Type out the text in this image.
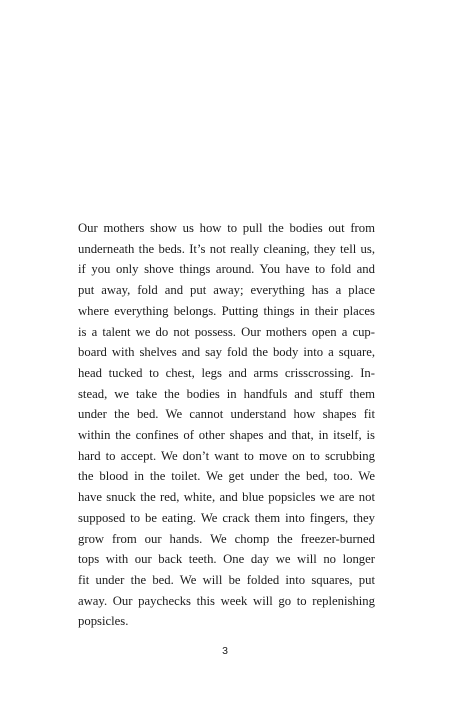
Our mothers show us how to pull the bodies out from
underneath the beds. It’s not really cleaning, they tell us,
if you only shove things around. You have to fold and
put away, fold and put away; everything has a place
where everything belongs. Putting things in their places
is a talent we do not possess. Our mothers open a cup-
board with shelves and say fold the body into a square,
head tucked to chest, legs and arms crisscrossing. In-
stead, we take the bodies in handfuls and stuff them
under the bed. We cannot understand how shapes fit
within the confines of other shapes and that, in itself, is
hard to accept. We don’t want to move on to scrubbing
the blood in the toilet. We get under the bed, too. We
have snuck the red, white, and blue popsicles we are not
supposed to be eating. We crack them into fingers, they
grow from our hands. We chomp the freezer-burned
tops with our back teeth. One day we will no longer
fit under the bed. We will be folded into squares, put
away. Our paychecks this week will go to replenishing
popsicles.
3
